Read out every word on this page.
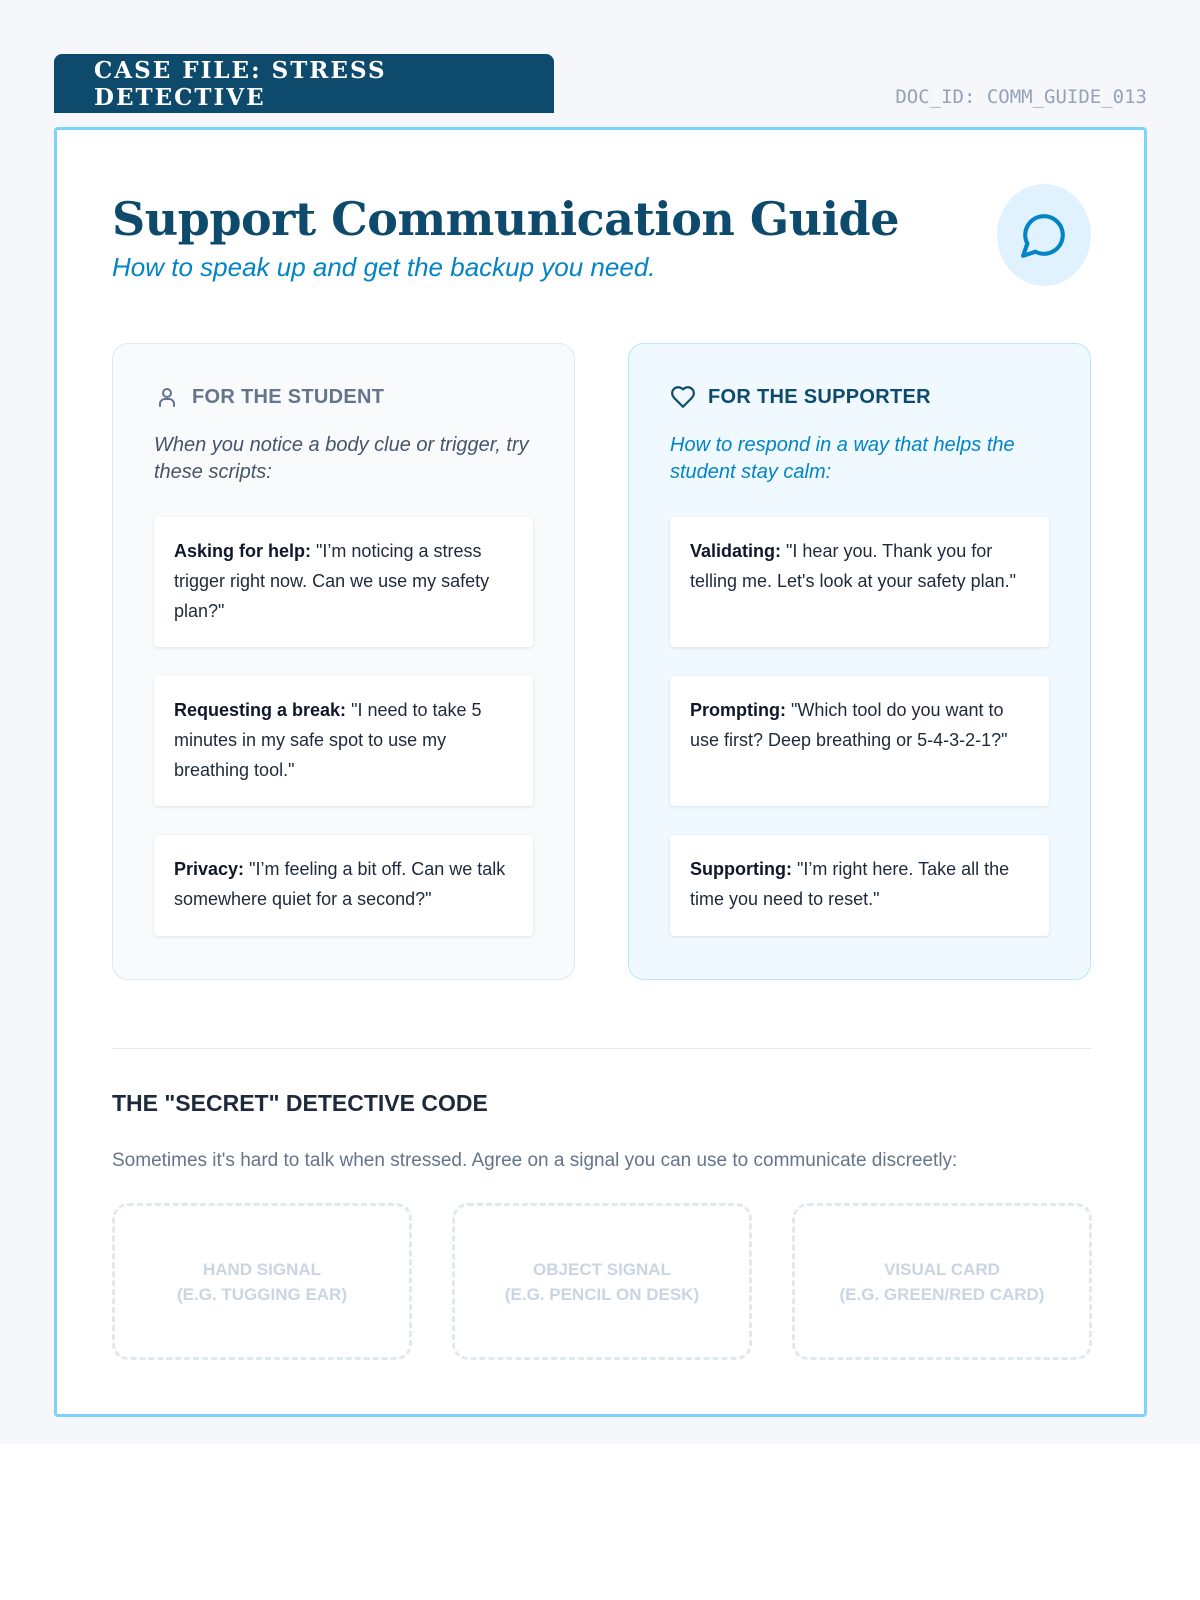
CASE FILE: STRESS DETECTIVE	DOC_ID: COMM_GUIDE_013
Support Communication Guide

How to speak up and get the backup you need.

FOR THE STUDENT

When you notice a body clue or trigger, try these scripts:

Asking for help: "I’m noticing a stress trigger right now. Can we use my safety plan?"
Requesting a break: "I need to take 5 minutes in my safe spot to use my breathing tool."
Privacy: "I’m feeling a bit off. Can we talk somewhere quiet for a second?"
FOR THE SUPPORTER

How to respond in a way that helps the student stay calm:

Validating: "I hear you. Thank you for telling me. Let's look at your safety plan."
Prompting: "Which tool do you want to use first? Deep breathing or 5-4-3-2-1?"
Supporting: "I’m right here. Take all the time you need to reset."
THE "SECRET" DETECTIVE CODE

Sometimes it's hard to talk when stressed. Agree on a signal you can use to communicate discreetly:

HAND SIGNAL
(E.G. TUGGING EAR)
OBJECT SIGNAL
(E.G. PENCIL ON DESK)
VISUAL CARD
(E.G. GREEN/RED CARD)
